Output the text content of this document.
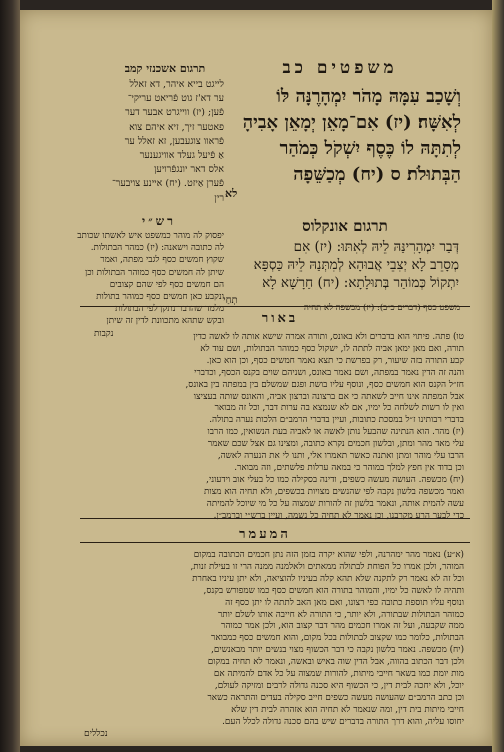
משפטים כב
תרגום אשכנזי קמב
וְשָׁכַב עִמָּהּ מָהֹר יִמְהָרֶנָּה לּוֹ
לְאִשָּׁה׃ (יז) אִם־מָאֵן יְמָאֵן אָבִיהָ
לְתִתָּהּ לוֹ כֶּסֶף יִשְׁקֹל כְּמֹהַר
הַבְּתוּלֹת׃ ס (יח) מְכַשֵּׁפָה
לא
לייגט בייא איהר, דא זאלל
ער דא'ז גוט פֿריאט עריקי־
פֿען; (יז) ווייגרט אבער דער
פאטער זיך, זיא איהם צוא
פֿראוו צוגעבען, זא זאלל ער
אַ פֿיעל געלד אוויגענער
אלס דאר יונגפֿרויען
פֿערן אַיזט. (יח) איינע צויבער־
רין
תרגום אונקלוס
דְּבַר יִמְהָרִינַּהּ לֵיהּ לְאִתּוּ: (יז) אִם
מְסָרֵב לָא יְצִבֵי אֲבוּהָא לְמִתְּנַהּ לֵיהּ כַּסְפָּא
יִתְקוֹל כְּמוֹהַר בְּתוּלָתָא: (יח) חַרָשָׁא לָא
תְחַי
רש״י
יפסוק לה מוהר כמשפט איש לאשתו שכותב
לה כתובה וישאנה: (יז) כמהר הבתולות.
שקוץ חמשים כסף לגבי מפתה, ואמר
שיתן לה חמשים כסף כמוהר הבתולות וכן
הם חמשים כסף לפי שהם קצובים
ונקבע כאן חמשים כסף כמוהר בתולות
מלמד שהדבר נתקן לפי הבתולות
ובקש שתהא מתכוונת לדין זה שיתן
נקבות
משפט כסף (דברים כ״ב): (יז) מכשפה לא תחיה
באור
טו) פתה. פיתוי הוא בדברים ולא באונס, ותורה אמרה שישא אותה לו לאשה כדין
תורה, ואם מאן ימאן אביה לתתה לו, ישקול כסף כמוהר הבתולות, ושם עוד לא
קבע התורה בזה שיעור, רק בפרשת כי תצא נאמר חמשים כסף, וכן הוא כאן.
והנה זה הדין נאמר במפתה, ושם נאמר באונס, ושניהם שוים בקנס הכסף, וכדברי
חז״ל הקנס הוא חמשים כסף, ונוסף עליו בושת ופגם שמשלם בין במפתה בין באונס,
אבל המפתה אינו חייב לשאתה כי אם ברצונה וברצון אביה, והאונס שותה בעציצו
ואין לו רשות לשלחה כל ימיו, אם לא שנמצא בה ערות דבר, וכל זה מבואר
בדברי רבותינו ז״ל במסכת כתובות, ועיין בדברי הרמב״ם הלכות נערה בתולה.
(יז) מהר. הוא הנתינה שהבעל נותן לאשה או לאביה בעת הנשואין, כמו הרבו
עלי מאד מהר ומתן, ובלשון חכמים נקרא כתובה, ומצינו גם אצל שכם שאמר
הרבו עלי מוהר ומתן ואתנה כאשר תאמרו אלי, ותנו לי את הנערה לאשה,
וכן בדוד אין חפץ למלך במוהר כי במאה ערלות פלשתים, וזה מבואר.
(יח) מכשפה. העושה מעשה כשפים, ודינה בסקילה כמו כל בעלי אוב וידעוני,
ואמר מכשפה בלשון נקבה לפי שהנשים מצויות בכשפים, ולא תחיה הוא מצות
עשה להמית אותה, ונאמר בלשון זה להורות שמצוה על כל מי שיוכל להמיתה
כדי לבער הרע מקרבנו, וכן נאמר לא תחיה כל נשמה, ועיין ברש״י וברמב״ן.
המעמר
(א״ע) נאמר מהר ימהרנה, ולפי שהוא יקרה בזמן הזה נתן חכמים הכתובה במקום
המוהר, ולכן אמרו כל הפוחת לבתולה ממאתים ולאלמנה ממנה הרי זו בעילת זנות,
וכל זה לא נאמר רק לתקנה שלא תהא קלה בעיניו להוציאה, ולא יתן עיניו באחרת
ותהיה לו לאשה כל ימיו, והמוהר בתורה הוא חמשים כסף כמו שמפורש בקנס,
ונוסף עליו תוספת כתובה כפי רצונו, ואם מאן האב לתתה לו יתן כסף זה
כמוהר הבתולות שבתורה, ולא יותר, כי התורה לא חייבה אותו לשלם יותר
ממה שקבעה, ועל זה אמרו חכמים מהר דבר קצוב הוא, ולכן אמר כמוהר
הבתולות, כלומר כמו שקצוב לבתולות בכל מקום, והוא חמשים כסף כמבואר
(יח) מכשפה. נאמר בלשון נקבה כי דבר הכשוף מצוי בנשים יותר מבאנשים,
ולכן דבר הכתוב בהווה, אבל הדין שוה באיש ובאשה, ונאמר לא תחיה במקום
מות יומת כמו בשאר חייבי מיתות, להורות שמצוה על כל אדם להמיתה אם
יוכל, ולא יחכה לבית דין, כי הכשוף היא סכנה גדולה לרבים ומזיקה לעולם,
וכן כתב הרמב״ם שהעושה מעשה כשפים חייב סקילה בעדים והתראה כשאר
חייבי מיתות בית דין, ומה שנאמר לא תחיה הוא אזהרה לבית דין שלא
יחוסו עליה, והוא דרך התורה בדברים שיש בהם סכנה גדולה לכלל העם.
נכללים
